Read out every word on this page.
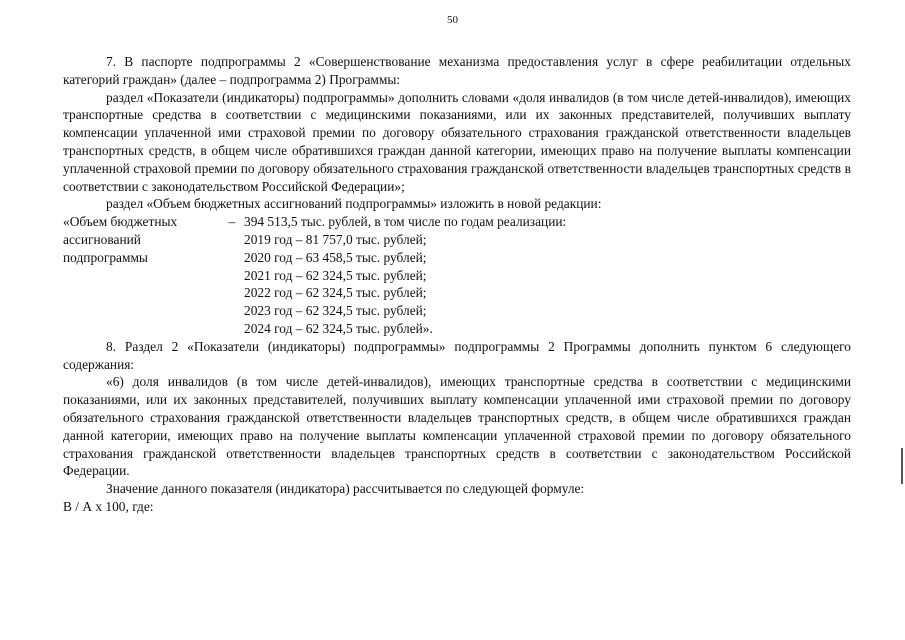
50

7. В паспорте подпрограммы 2 «Совершенствование механизма предоставления услуг в сфере реабилитации отдельных категорий граждан» (далее – подпрограмма 2) Программы:

раздел «Показатели (индикаторы) подпрограммы» дополнить словами «доля инвалидов (в том числе детей-инвалидов), имеющих транспортные средства в соответствии с медицинскими показаниями, или их законных представителей, получивших выплату компенсации уплаченной ими страховой премии по договору обязательного страхования гражданской ответственности владельцев транспортных средств, в общем числе обратившихся граждан данной категории, имеющих право на получение выплаты компенсации уплаченной страховой премии по договору обязательного страхования гражданской ответственности владельцев транспортных средств в соответствии с законодательством Российской Федерации»;

раздел «Объем бюджетных ассигнований подпрограммы» изложить в новой редакции:

«Объем бюджетных
ассигнований
подпрограммы
– 394 513,5 тыс. рублей, в том числе по годам реализации:
2019 год – 81 757,0 тыс. рублей;
2020 год – 63 458,5 тыс. рублей;
2021 год – 62 324,5 тыс. рублей;
2022 год – 62 324,5 тыс. рублей;
2023 год – 62 324,5 тыс. рублей;
2024 год – 62 324,5 тыс. рублей».

8. Раздел 2 «Показатели (индикаторы) подпрограммы» подпрограммы 2 Программы дополнить пунктом 6 следующего содержания:

«6) доля инвалидов (в том числе детей-инвалидов), имеющих транспортные средства в соответствии с медицинскими показаниями, или их законных представителей, получивших выплату компенсации уплаченной ими страховой премии по договору обязательного страхования гражданской ответственности владельцев транспортных средств, в общем числе обратившихся граждан данной категории, имеющих право на получение выплаты компенсации уплаченной страховой премии по договору обязательного страхования гражданской ответственности владельцев транспортных средств в соответствии с законодательством Российской Федерации.

Значение данного показателя (индикатора) рассчитывается по следующей формуле:

В / А х 100, где:
